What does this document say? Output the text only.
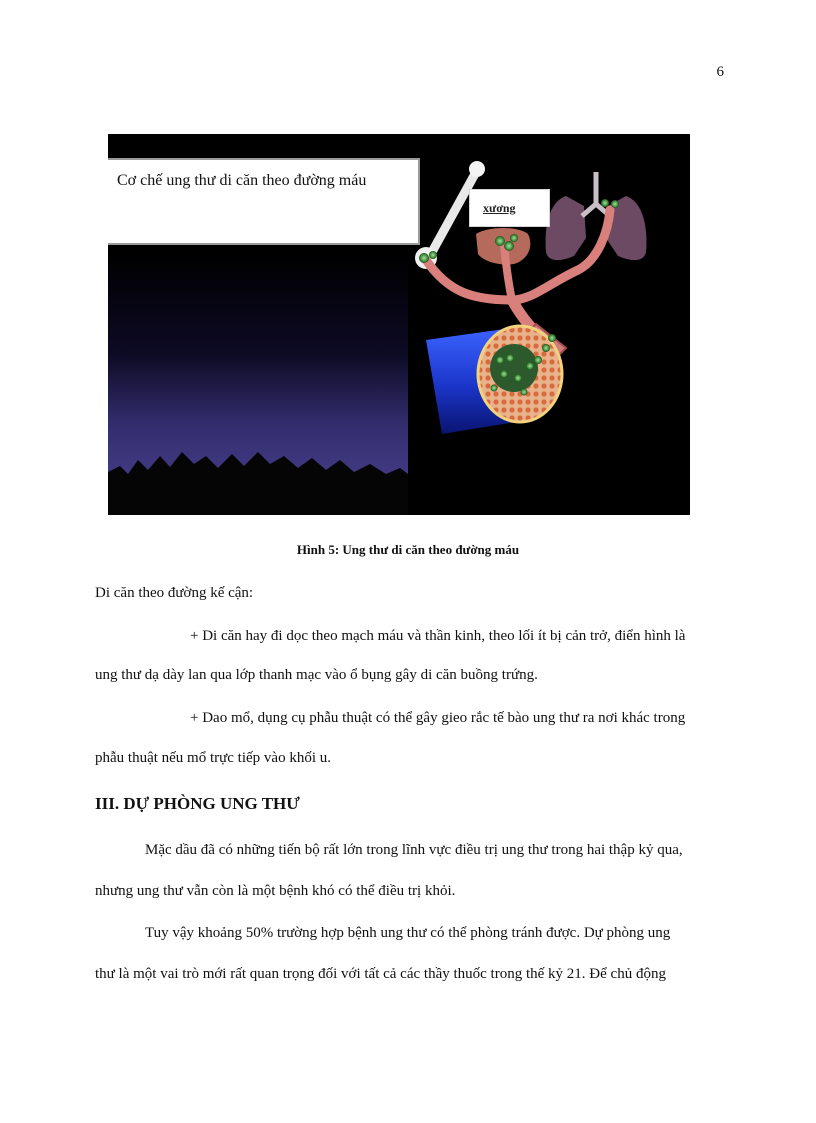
6
Cơ chế ung thư di căn theo đường máu
xương
Hình 5: Ung thư di căn theo đường máu
Di căn theo đường kế cận:
+ Di căn hay đi dọc theo mạch máu và thần kinh, theo lối ít bị cản trở, điển hình là
ung thư dạ dày lan qua lớp thanh mạc vào ổ bụng gây di căn buồng trứng.
+ Dao mổ, dụng cụ phẫu thuật có thể gây gieo rắc tế bào ung thư ra nơi khác trong
phẫu thuật nếu mổ trực tiếp vào khối u.
III. DỰ PHÒNG UNG THƯ
Mặc dầu đã có những tiến bộ rất lớn trong lĩnh vực điều trị ung thư trong hai thập kỷ qua,
nhưng ung thư vẫn còn là một bệnh khó có thể điều trị khỏi.
Tuy vậy khoảng 50% trường hợp bệnh ung thư có thể phòng tránh được. Dự phòng ung
thư là một vai trò mới rất quan trọng đối với tất cả các thầy thuốc trong thế kỷ 21. Để chủ động
